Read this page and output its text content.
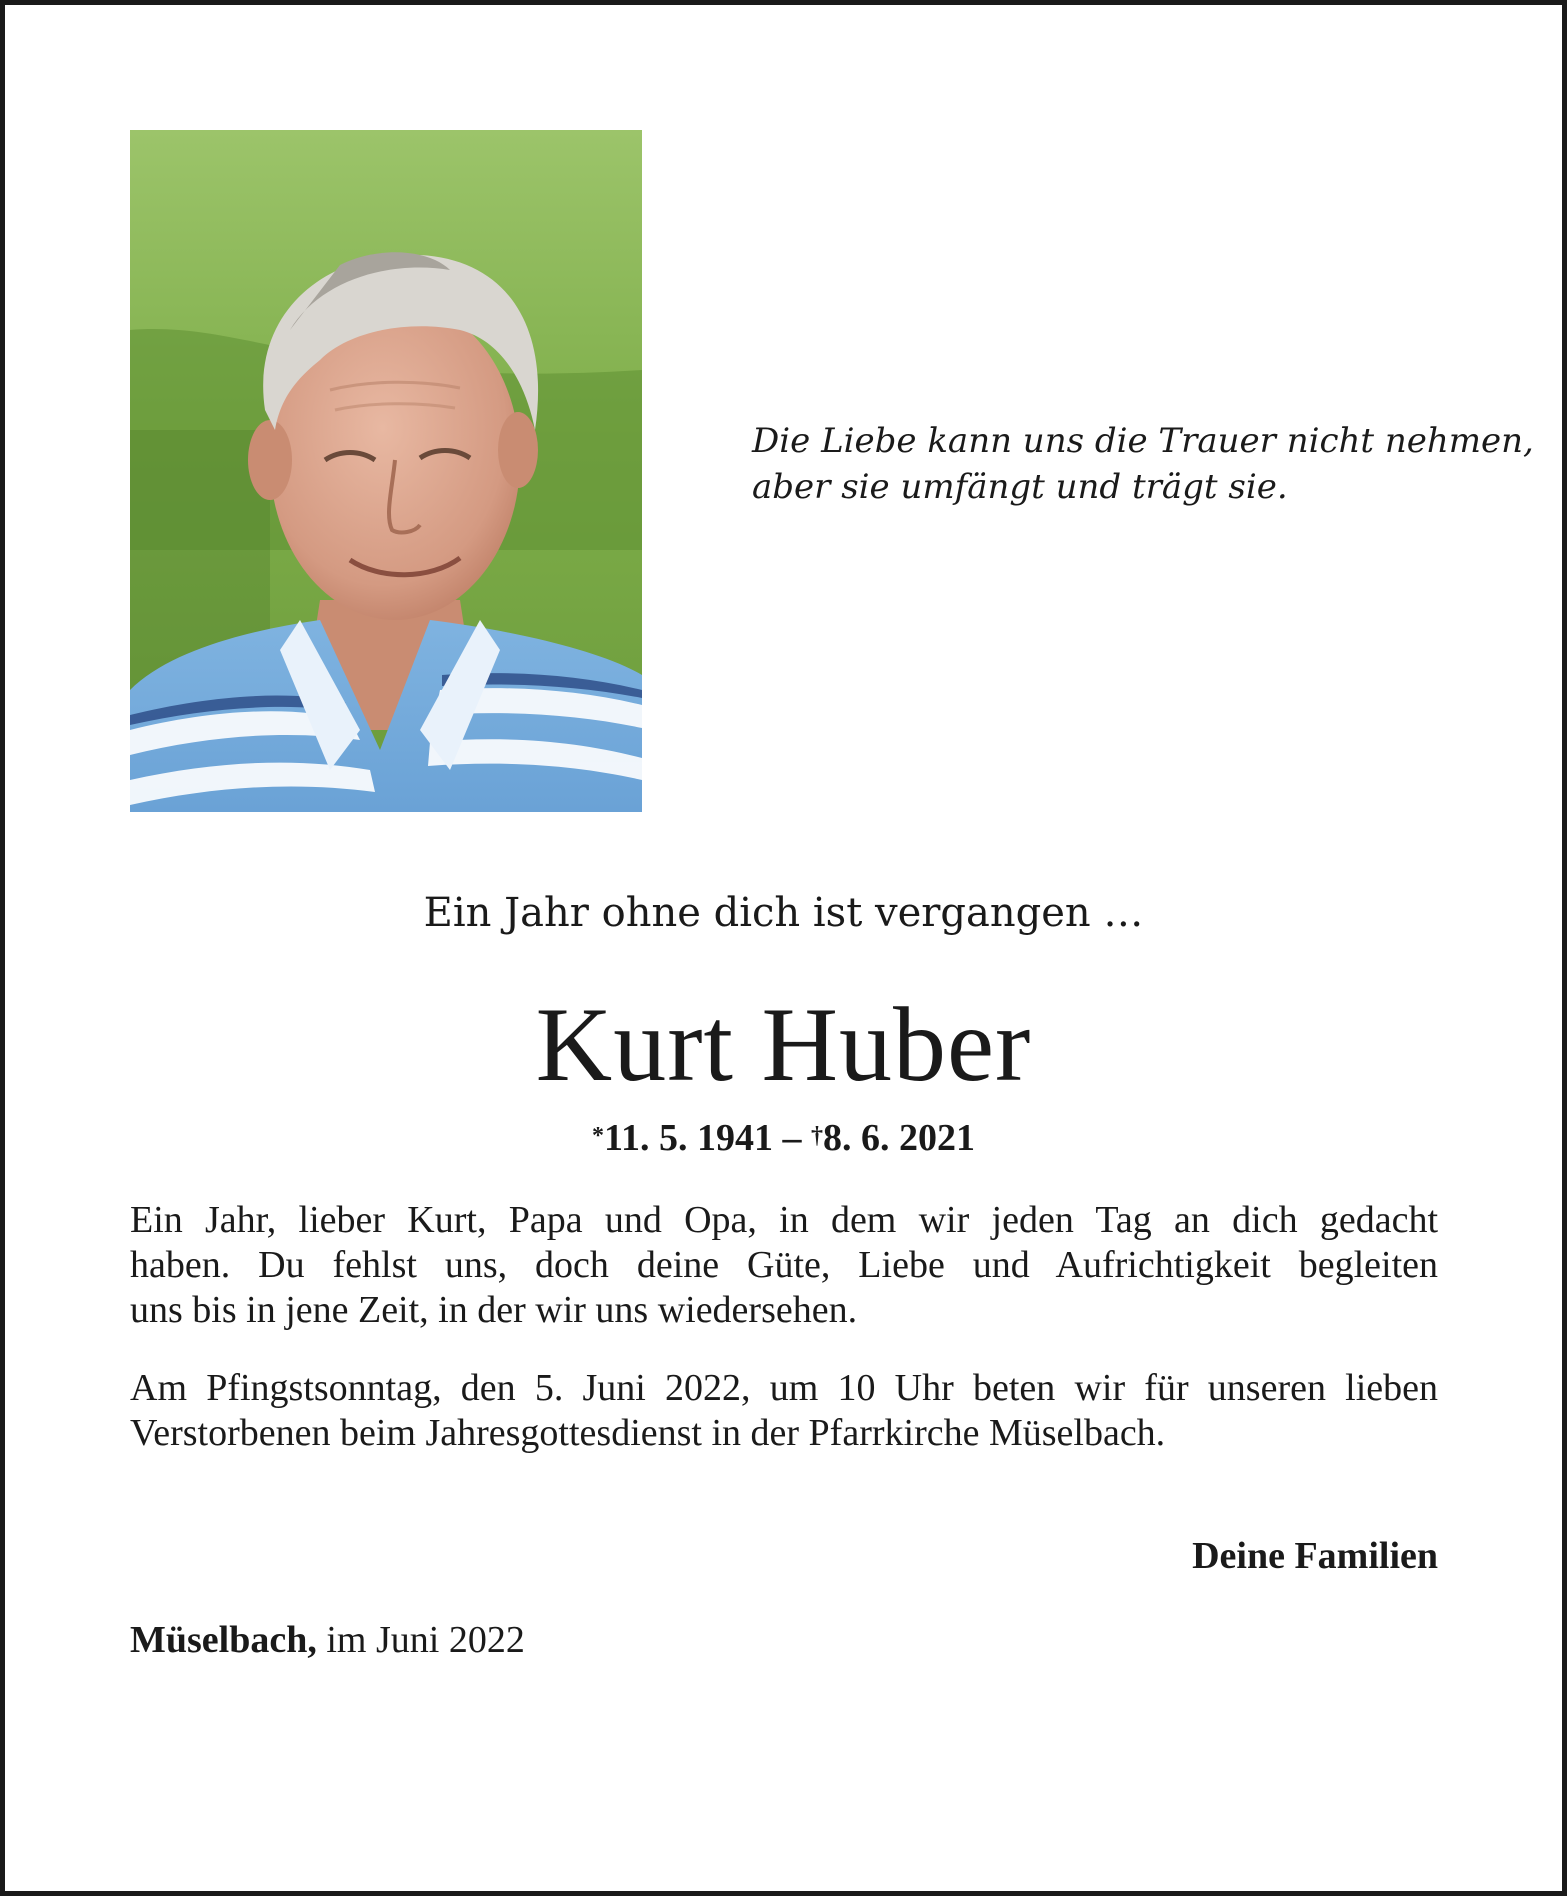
Die Liebe kann uns die Trauer nicht nehmen,
aber sie umfängt und trägt sie.
Ein Jahr ohne dich ist vergangen …
Kurt Huber
*11. 5. 1941 – †8. 6. 2021
Ein Jahr, lieber Kurt, Papa und Opa, in dem wir jeden Tag an dich gedacht
haben. Du fehlst uns, doch deine Güte, Liebe und Aufrichtigkeit begleiten
uns bis in jene Zeit, in der wir uns wiedersehen.
Am Pfingstsonntag, den 5. Juni 2022, um 10 Uhr beten wir für unseren lieben
Verstorbenen beim Jahresgottesdienst in der Pfarrkirche Müselbach.
Deine Familien
Müselbach, im Juni 2022
